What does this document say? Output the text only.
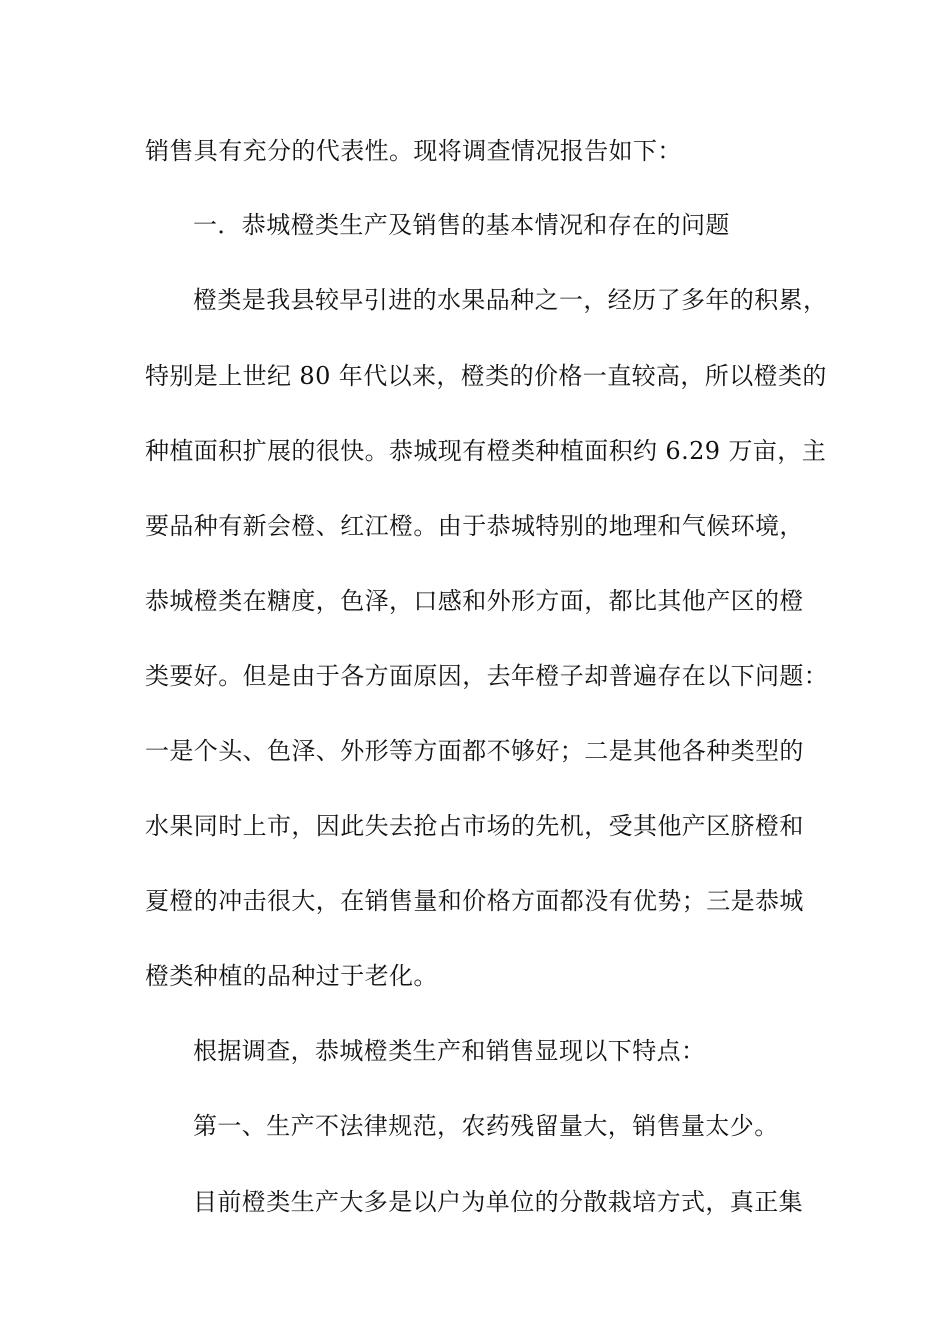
销售具有充分的代表性。现将调查情况报告如下：
一．恭城橙类生产及销售的基本情况和存在的问题
橙类是我县较早引进的水果品种之一，经历了多年的积累，
特别是上世纪 80 年代以来，橙类的价格一直较高，所以橙类的
种植面积扩展的很快。恭城现有橙类种植面积约 6.29 万亩，主
要品种有新会橙、红江橙。由于恭城特别的地理和气候环境，
恭城橙类在糖度，色泽，口感和外形方面，都比其他产区的橙
类要好。但是由于各方面原因，去年橙子却普遍存在以下问题：
一是个头、色泽、外形等方面都不够好；二是其他各种类型的
水果同时上市，因此失去抢占市场的先机，受其他产区脐橙和
夏橙的冲击很大，在销售量和价格方面都没有优势；三是恭城
橙类种植的品种过于老化。
根据调查，恭城橙类生产和销售显现以下特点：
第一、生产不法律规范，农药残留量大，销售量太少。
目前橙类生产大多是以户为单位的分散栽培方式，真正集
